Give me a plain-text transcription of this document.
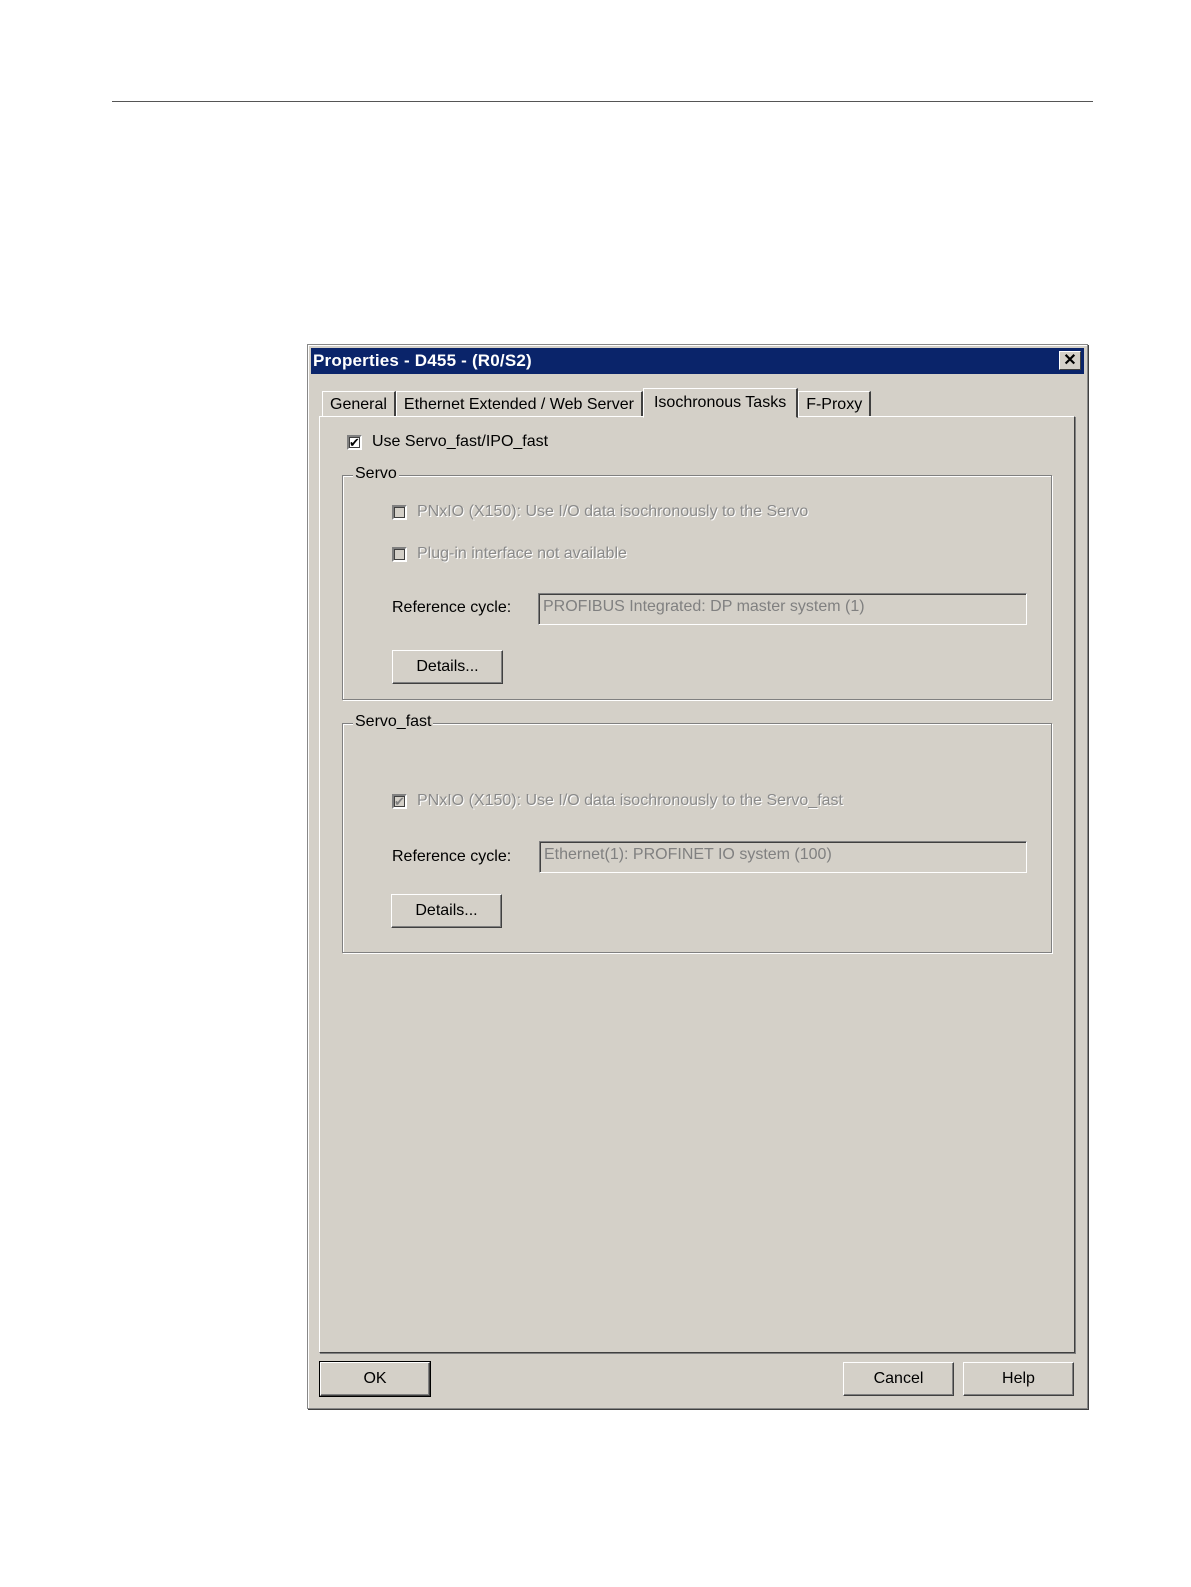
Properties - D455 - (R0/S2)	✕
General	Ethernet Extended / Web Server	Isochronous Tasks	F-Proxy
✔ Use Servo_fast/IPO_fast
Servo
PNxIO (X150): Use I/O data isochronously to the Servo
Plug-in interface not available
Reference cycle:	PROFIBUS Integrated: DP master system (1)
Details...
Servo_fast
✔ PNxIO (X150): Use I/O data isochronously to the Servo_fast
Reference cycle:	Ethernet(1): PROFINET IO system (100)
Details...
OK	Cancel	Help
